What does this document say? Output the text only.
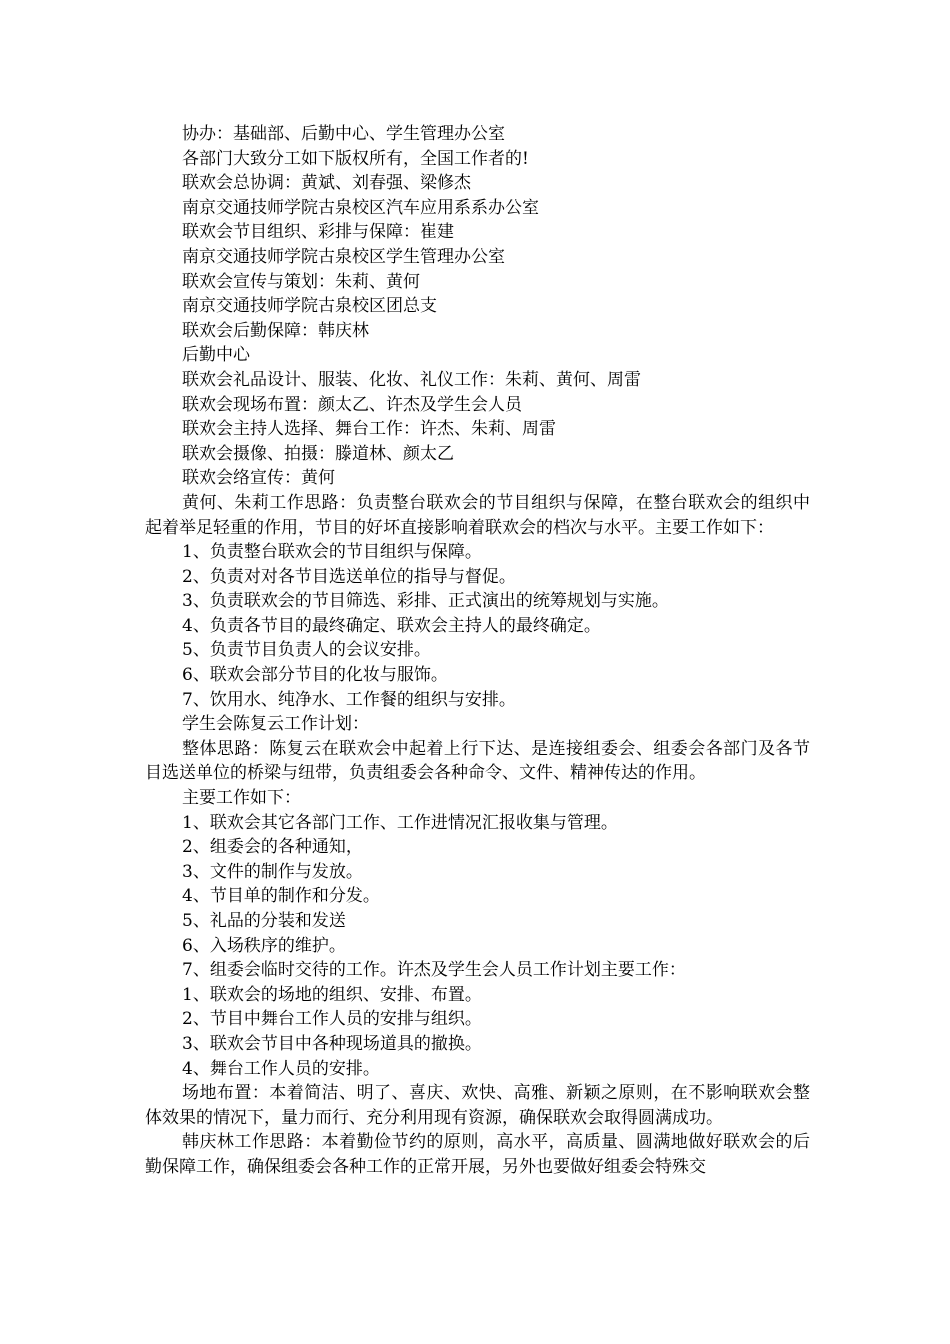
协办：基础部、后勤中心、学生管理办公室

各部门大致分工如下版权所有，全国工作者的!

联欢会总协调：黄斌、刘春强、梁修杰

南京交通技师学院古泉校区汽车应用系系办公室

联欢会节目组织、彩排与保障：崔建

南京交通技师学院古泉校区学生管理办公室

联欢会宣传与策划：朱莉、黄何

南京交通技师学院古泉校区团总支

联欢会后勤保障：韩庆林

后勤中心

联欢会礼品设计、服装、化妆、礼仪工作：朱莉、黄何、周雷

联欢会现场布置：颜太乙、许杰及学生会人员

联欢会主持人选择、舞台工作：许杰、朱莉、周雷

联欢会摄像、拍摄：滕道林、颜太乙

联欢会络宣传：黄何

黄何、朱莉工作思路：负责整台联欢会的节目组织与保障，在整台联欢会的组织中起着举足轻重的作用，节目的好坏直接影响着联欢会的档次与水平。主要工作如下：

1、负责整台联欢会的节目组织与保障。

2、负责对对各节目选送单位的指导与督促。

3、负责联欢会的节目筛选、彩排、正式演出的统筹规划与实施。

4、负责各节目的最终确定、联欢会主持人的最终确定。

5、负责节目负责人的会议安排。

6、联欢会部分节目的化妆与服饰。

7、饮用水、纯净水、工作餐的组织与安排。

学生会陈复云工作计划：

整体思路：陈复云在联欢会中起着上行下达、是连接组委会、组委会各部门及各节目选送单位的桥梁与纽带，负责组委会各种命令、文件、精神传达的作用。

主要工作如下：

1、联欢会其它各部门工作、工作进情况汇报收集与管理。

2、组委会的各种通知，

3、文件的制作与发放。

4、节目单的制作和分发。

5、礼品的分装和发送

6、入场秩序的维护。

7、组委会临时交待的工作。许杰及学生会人员工作计划主要工作：

1、联欢会的场地的组织、安排、布置。

2、节目中舞台工作人员的安排与组织。

3、联欢会节目中各种现场道具的撤换。

4、舞台工作人员的安排。

场地布置：本着简洁、明了、喜庆、欢快、高雅、新颖之原则，在不影响联欢会整体效果的情况下，量力而行、充分利用现有资源，确保联欢会取得圆满成功。

韩庆林工作思路：本着勤俭节约的原则，高水平，高质量、圆满地做好联欢会的后勤保障工作，确保组委会各种工作的正常开展，另外也要做好组委会特殊交
